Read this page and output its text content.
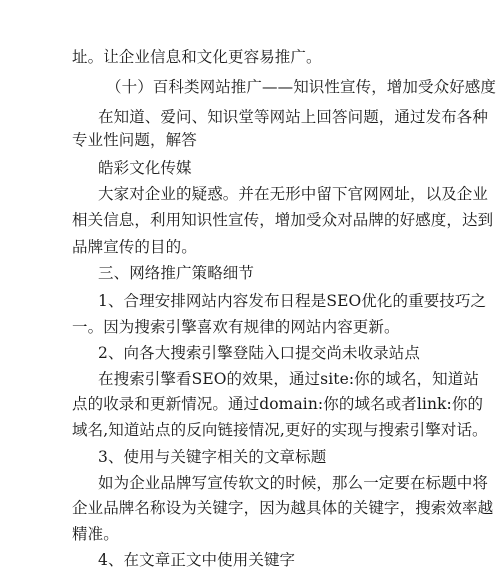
址。让企业信息和文化更容易推广。
（十）百科类网站推广——知识性宣传，增加受众好感度
在知道、爱问、知识堂等网站上回答问题，通过发布各种
专业性问题，解答
皓彩文化传媒
大家对企业的疑惑。并在无形中留下官网网址，以及企业
相关信息，利用知识性宣传，增加受众对品牌的好感度，达到
品牌宣传的目的。
三、网络推广策略细节
1、合理安排网站内容发布日程是SEO优化的重要技巧之
一。因为搜索引擎喜欢有规律的网站内容更新。
2、向各大搜索引擎登陆入口提交尚未收录站点
在搜索引擎看SEO的效果，通过site:你的域名，知道站
点的收录和更新情况。通过domain:你的域名或者link:你的
域名,知道站点的反向链接情况,更好的实现与搜索引擎对话。
3、使用与关键字相关的文章标题
如为企业品牌写宣传软文的时候，那么一定要在标题中将
企业品牌名称设为关键字，因为越具体的关键字，搜索效率越
精准。
4、在文章正文中使用关键字
